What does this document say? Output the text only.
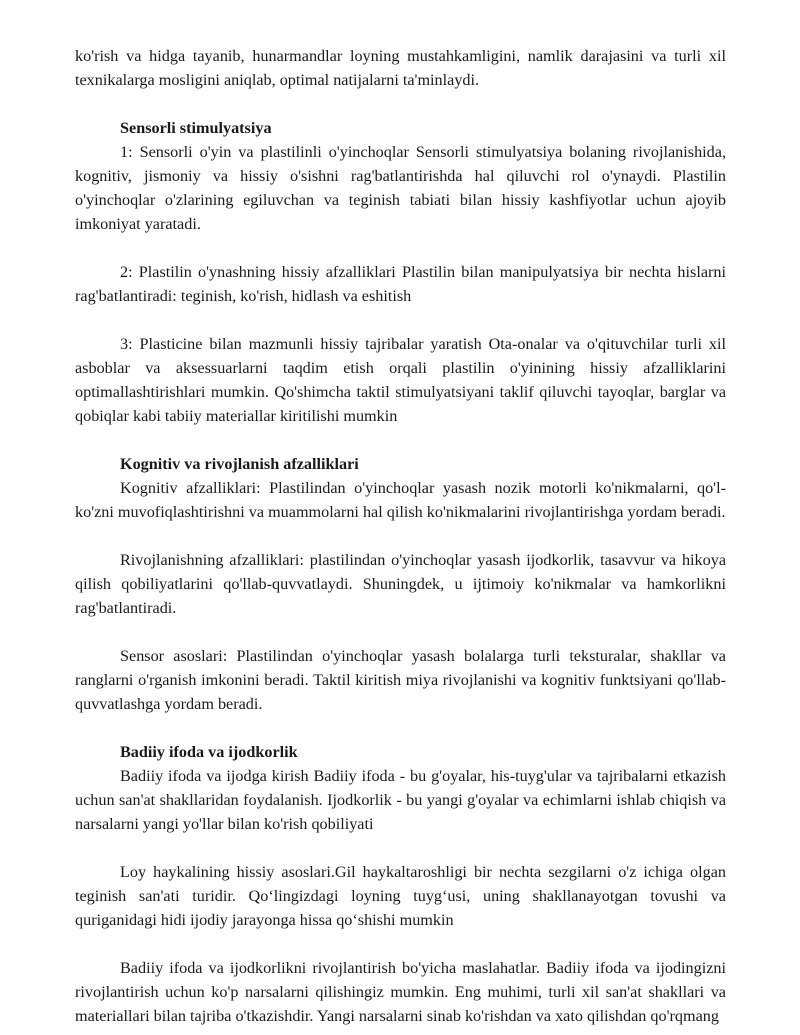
ko'rish va hidga tayanib, hunarmandlar loyning mustahkamligini, namlik darajasini va turli xil texnikalarga mosligini aniqlab, optimal natijalarni ta'minlaydi.

Sensorli stimulyatsiya

1: Sensorli o'yin va plastilinli o'yinchoqlar Sensorli stimulyatsiya bolaning rivojlanishida, kognitiv, jismoniy va hissiy o'sishni rag'batlantirishda hal qiluvchi rol o'ynaydi. Plastilin o'yinchoqlar o'zlarining egiluvchan va teginish tabiati bilan hissiy kashfiyotlar uchun ajoyib imkoniyat yaratadi.

2: Plastilin o'ynashning hissiy afzalliklari Plastilin bilan manipulyatsiya bir nechta hislarni rag'batlantiradi: teginish, ko'rish, hidlash va eshitish

3: Plasticine bilan mazmunli hissiy tajribalar yaratish Ota-onalar va o'qituvchilar turli xil asboblar va aksessuarlarni taqdim etish orqali plastilin o'yinining hissiy afzalliklarini optimallashtirishlari mumkin. Qo'shimcha taktil stimulyatsiyani taklif qiluvchi tayoqlar, barglar va qobiqlar kabi tabiiy materiallar kiritilishi mumkin

Kognitiv va rivojlanish afzalliklari

Kognitiv afzalliklari: Plastilindan o'yinchoqlar yasash nozik motorli ko'nikmalarni, qo'l-ko'zni muvofiqlashtirishni va muammolarni hal qilish ko'nikmalarini rivojlantirishga yordam beradi.

Rivojlanishning afzalliklari: plastilindan o'yinchoqlar yasash ijodkorlik, tasavvur va hikoya qilish qobiliyatlarini qo'llab-quvvatlaydi. Shuningdek, u ijtimoiy ko'nikmalar va hamkorlikni rag'batlantiradi.

Sensor asoslari: Plastilindan o'yinchoqlar yasash bolalarga turli teksturalar, shakllar va ranglarni o'rganish imkonini beradi. Taktil kiritish miya rivojlanishi va kognitiv funktsiyani qo'llab-quvvatlashga yordam beradi.

Badiiy ifoda va ijodkorlik

Badiiy ifoda va ijodga kirish Badiiy ifoda - bu g'oyalar, his-tuyg'ular va tajribalarni etkazish uchun san'at shakllaridan foydalanish. Ijodkorlik - bu yangi g'oyalar va echimlarni ishlab chiqish va narsalarni yangi yo'llar bilan ko'rish qobiliyati

Loy haykalining hissiy asoslari.Gil haykaltaroshligi bir nechta sezgilarni o'z ichiga olgan teginish san'ati turidir. Qo‘lingizdagi loyning tuyg‘usi, uning shakllanayotgan tovushi va quriganidagi hidi ijodiy jarayonga hissa qo‘shishi mumkin

Badiiy ifoda va ijodkorlikni rivojlantirish bo'yicha maslahatlar. Badiiy ifoda va ijodingizni rivojlantirish uchun ko'p narsalarni qilishingiz mumkin. Eng muhimi, turli xil san'at shakllari va materiallari bilan tajriba o'tkazishdir. Yangi narsalarni sinab ko'rishdan va xato qilishdan qo'rqmang
